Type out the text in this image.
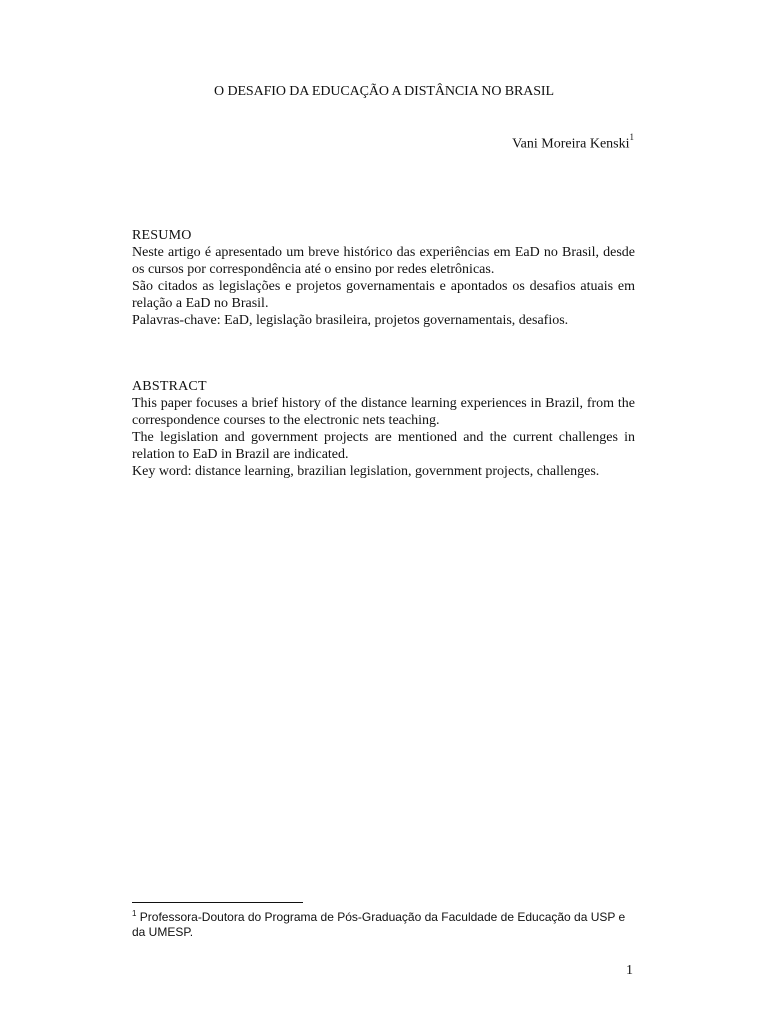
O DESAFIO DA EDUCAÇÃO A DISTÂNCIA NO BRASIL
Vani Moreira Kenski$^1$
RESUMO

Neste artigo é apresentado um breve histórico das experiências em EaD no Brasil, desde os cursos por correspondência até o ensino por redes eletrônicas.

São citados as legislações e projetos governamentais e apontados os desafios atuais em relação a EaD no Brasil.

Palavras-chave: EaD, legislação brasileira, projetos governamentais, desafios.

ABSTRACT

This paper focuses a brief history of the distance learning experiences in Brazil, from the correspondence courses to the electronic nets teaching.

The legislation and government projects are mentioned and the current challenges in relation to EaD in Brazil are indicated.

Key word: distance learning, brazilian legislation, government projects, challenges.

$^1$ Professora-Doutora do Programa de Pós-Graduação da Faculdade de Educação da USP e da UMESP.
1
